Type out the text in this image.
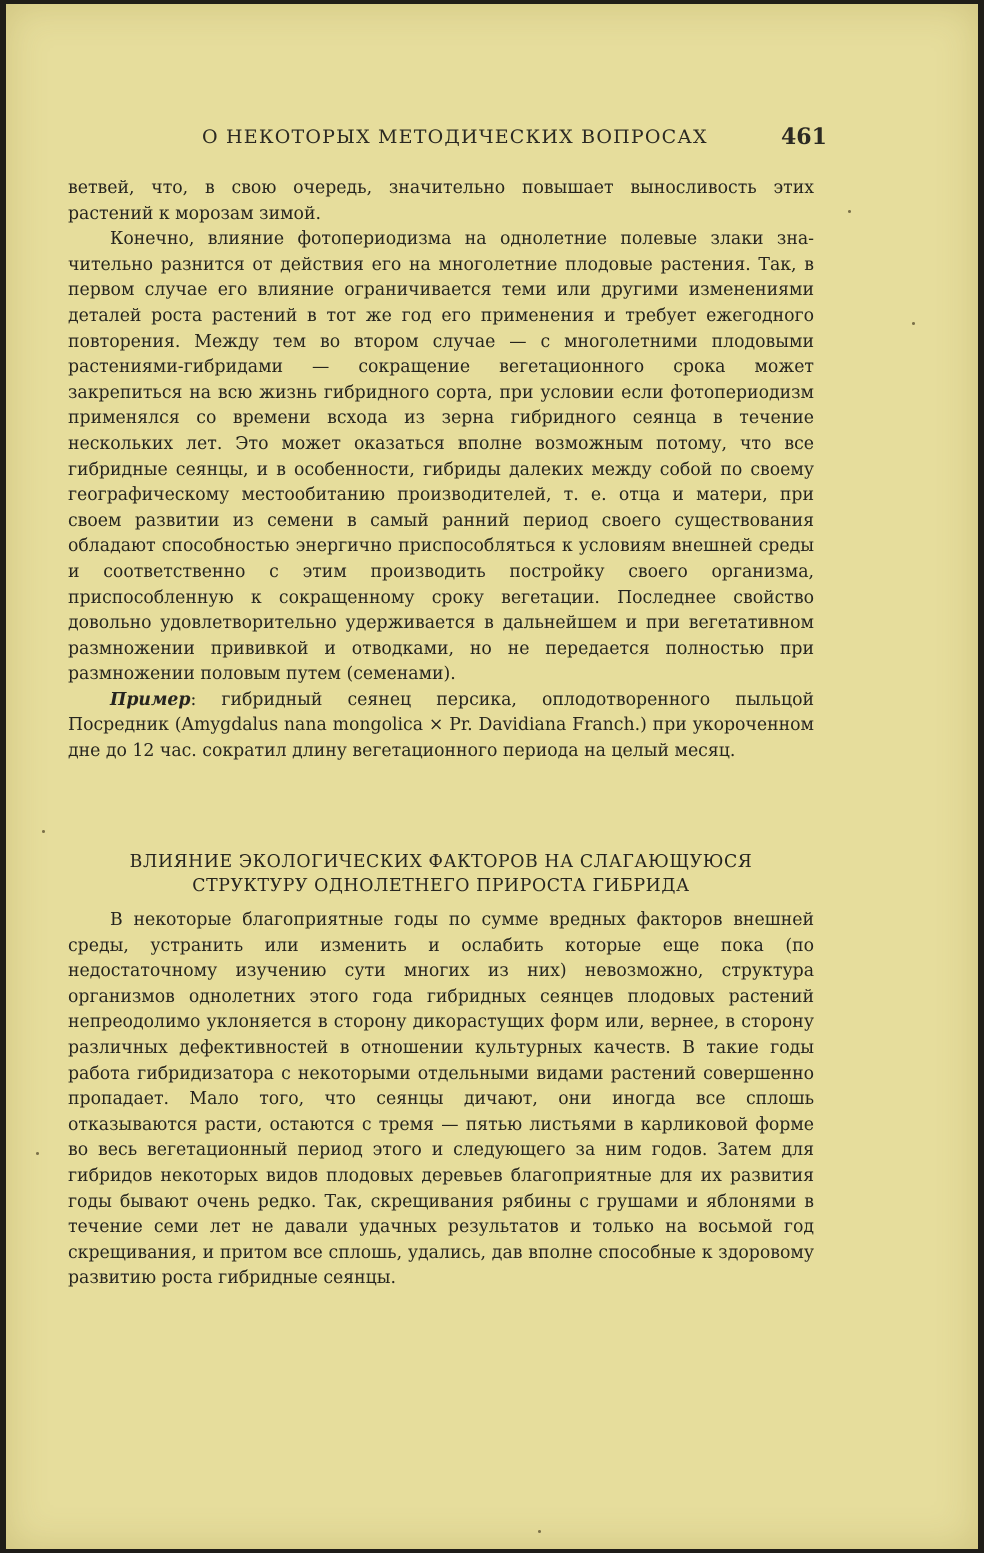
О НЕКОТОРЫХ МЕТОДИЧЕСКИХ ВОПРОСАХ	461

ветвей, что, в свою очередь, значительно повышает выносливость этих растений к морозам зимой.

Конечно, влияние фотопериодизма на однолетние полевые злаки значительно разнится от действия его на многолетние плодовые растения. Так, в первом случае его влияние ограничивается теми или другими изменениями деталей роста растений в тот же год его применения и требует ежегодного повторения. Между тем во втором случае — с многолетними плодовыми растениями-гибридами — сокращение вегетационного срока может закрепиться на всю жизнь гибридного сорта, при условии если фотопериодизм применялся со времени всхода из зерна гибридного сеянца в течение нескольких лет. Это может оказаться вполне возможным потому, что все гибридные сеянцы, и в особенности, гибриды далеких между собой по своему географическому местообитанию производителей, т. е. отца и матери, при своем развитии из семени в самый ранний период своего существования обладают способностью энергично приспособляться к условиям внешней среды и соответственно с этим производить постройку своего организма, приспособленную к сокращенному сроку вегетации. Последнее свойство довольно удовлетворительно удерживается в дальнейшем и при вегетативном размножении прививкой и отводками, но не передается полностью при размножении половым путем (семенами).

Пример: гибридный сеянец персика, оплодотворенного пыльцой Посредник (Amygdalus nana mongolica × Pr. Davidiana Franch.) при укороченном дне до 12 час. сократил длину вегетационного периода на целый месяц.

ВЛИЯНИЕ ЭКОЛОГИЧЕСКИХ ФАКТОРОВ НА СЛАГАЮЩУЮСЯ
СТРУКТУРУ ОДНОЛЕТНЕГО ПРИРОСТА ГИБРИДА

В некоторые благоприятные годы по сумме вредных факторов внешней среды, устранить или изменить и ослабить которые еще пока (по недостаточному изучению сути многих из них) невозможно, структура организмов однолетних этого года гибридных сеянцев плодовых растений непреодолимо уклоняется в сторону дикорастущих форм или, вернее, в сторону различных дефективностей в отношении культурных качеств. В такие годы работа гибридизатора с некоторыми отдельными видами растений совершенно пропадает. Мало того, что сеянцы дичают, они иногда все сплошь отказываются расти, остаются с тремя — пятью листьями в карликовой форме во весь вегетационный период этого и следующего за ним годов. Затем для гибридов некоторых видов плодовых деревьев благоприятные для их развития годы бывают очень редко. Так, скрещивания рябины с грушами и яблонями в течение семи лет не давали удачных результатов и только на восьмой год скрещивания, и притом все сплошь, удались, дав вполне способные к здоровому развитию роста гибридные сеянцы.
